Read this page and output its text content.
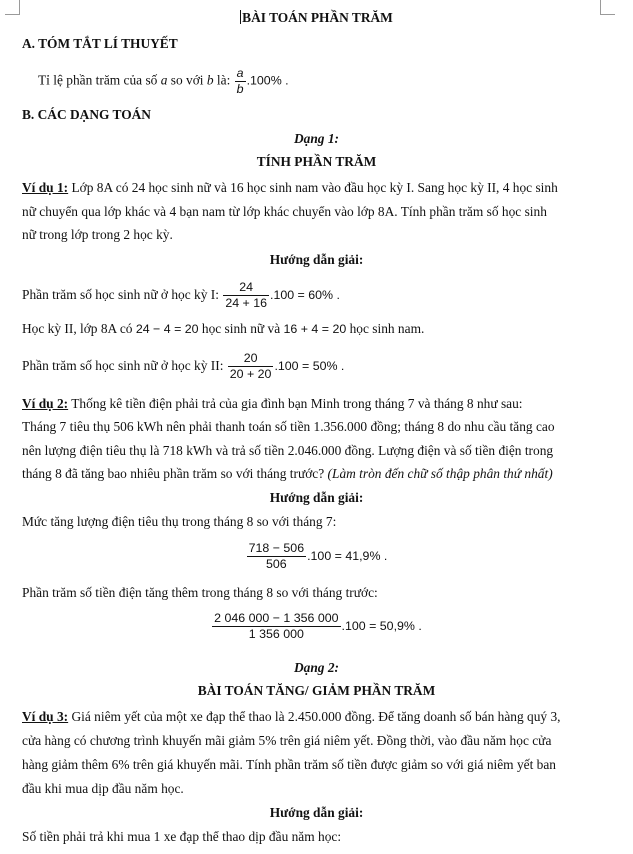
BÀI TOÁN PHẦN TRĂM
A. TÓM TẮT LÍ THUYẾT
Tỉ lệ phần trăm của số a so với b là: $\frac{a}{b} .100\%$ .
B. CÁC DẠNG TOÁN
Dạng 1:
TÍNH PHẦN TRĂM
Ví dụ 1: Lớp 8A có 24 học sinh nữ và 16 học sinh nam vào đầu học kỳ I. Sang học kỳ II, 4 học sinh
nữ chuyển qua lớp khác và 4 bạn nam từ lớp khác chuyển vào lớp 8A. Tính phần trăm số học sinh
nữ trong lớp trong 2 học kỳ.
Hướng dẫn giải:
Phần trăm số học sinh nữ ở học kỳ I: $\frac{24}{24 + 16} .100 = 60\%$ .
Học kỳ II, lớp 8A có 24 − 4 = 20 học sinh nữ và 16 + 4 = 20 học sinh nam.
Phần trăm số học sinh nữ ở học kỳ II: $\frac{20}{20 + 20} .100 = 50\%$ .
Ví dụ 2: Thống kê tiền điện phải trả của gia đình bạn Minh trong tháng 7 và tháng 8 như sau:
Tháng 7 tiêu thụ 506 kWh nên phải thanh toán số tiền 1.356.000 đồng; tháng 8 do nhu cầu tăng cao
nên lượng điện tiêu thụ là 718 kWh và trả số tiền 2.046.000 đồng. Lượng điện và số tiền điện trong
tháng 8 đã tăng bao nhiêu phần trăm so với tháng trước? (Làm tròn đến chữ số thập phân thứ nhất)
Hướng dẫn giải:
Mức tăng lượng điện tiêu thụ trong tháng 8 so với tháng 7:
$\frac{718 - 506}{506} .100 = 41,9\%$ .
Phần trăm số tiền điện tăng thêm trong tháng 8 so với tháng trước:
$\frac{2 046 000 - 1 356 000}{1 356 000} .100 = 50,9\%$ .
Dạng 2:
BÀI TOÁN TĂNG/ GIẢM PHẦN TRĂM
Ví dụ 3: Giá niêm yết của một xe đạp thể thao là 2.450.000 đồng. Để tăng doanh số bán hàng quý 3,
cửa hàng có chương trình khuyến mãi giảm 5% trên giá niêm yết. Đồng thời, vào đầu năm học cửa
hàng giảm thêm 6% trên giá khuyến mãi. Tính phần trăm số tiền được giảm so với giá niêm yết ban
đầu khi mua dịp đầu năm học.
Hướng dẫn giải:
Số tiền phải trả khi mua 1 xe đạp thể thao dịp đầu năm học:
